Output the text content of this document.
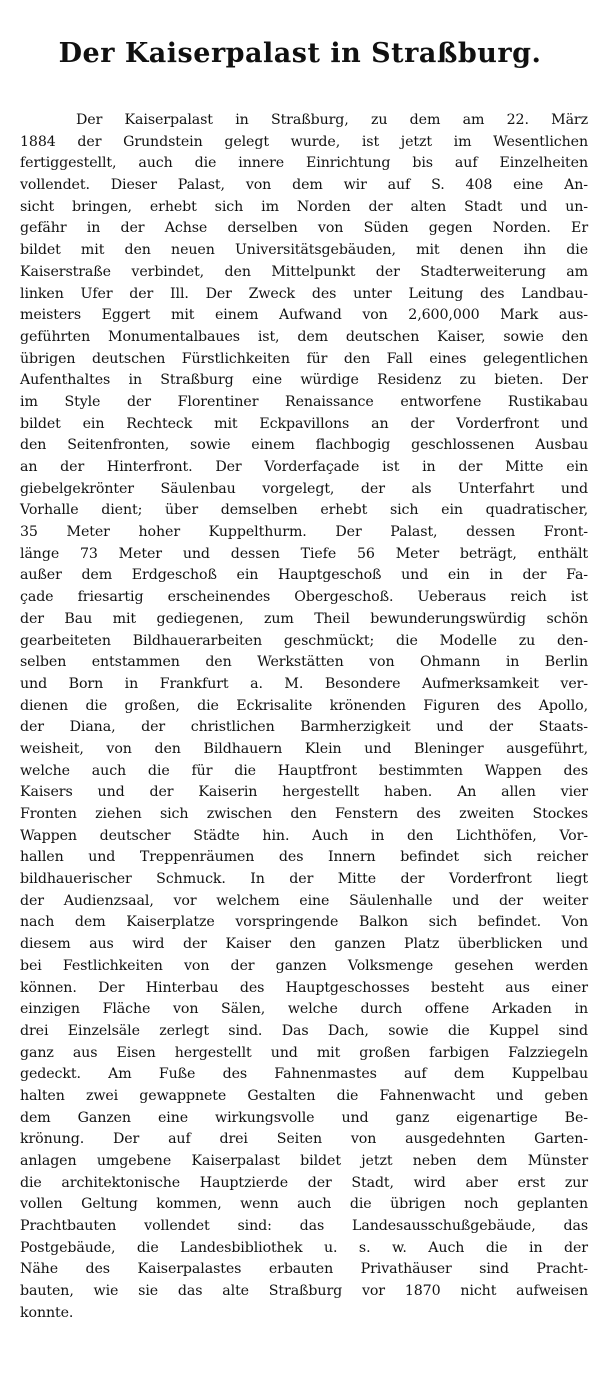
Der Kaiserpalast in Straßburg.
Der Kaiserpalast in Straßburg, zu dem am 22. März
1884 der Grundstein gelegt wurde, ist jetzt im Wesentlichen
fertiggestellt, auch die innere Einrichtung bis auf Einzelheiten
vollendet. Dieser Palast, von dem wir auf S. 408 eine An-
sicht bringen, erhebt sich im Norden der alten Stadt und un-
gefähr in der Achse derselben von Süden gegen Norden. Er
bildet mit den neuen Universitätsgebäuden, mit denen ihn die
Kaiserstraße verbindet, den Mittelpunkt der Stadterweiterung am
linken Ufer der Ill. Der Zweck des unter Leitung des Landbau-
meisters Eggert mit einem Aufwand von 2,600,000 Mark aus-
geführten Monumentalbaues ist, dem deutschen Kaiser, sowie den
übrigen deutschen Fürstlichkeiten für den Fall eines gelegentlichen
Aufenthaltes in Straßburg eine würdige Residenz zu bieten. Der
im Style der Florentiner Renaissance entworfene Rustikabau
bildet ein Rechteck mit Eckpavillons an der Vorderfront und
den Seitenfronten, sowie einem flachbogig geschlossenen Ausbau
an der Hinterfront. Der Vorderfaçade ist in der Mitte ein
giebelgekrönter Säulenbau vorgelegt, der als Unterfahrt und
Vorhalle dient; über demselben erhebt sich ein quadratischer,
35 Meter hoher Kuppelthurm. Der Palast, dessen Front-
länge 73 Meter und dessen Tiefe 56 Meter beträgt, enthält
außer dem Erdgeschoß ein Hauptgeschoß und ein in der Fa-
çade friesartig erscheinendes Obergeschoß. Ueberaus reich ist
der Bau mit gediegenen, zum Theil bewunderungswürdig schön
gearbeiteten Bildhauerarbeiten geschmückt; die Modelle zu den-
selben entstammen den Werkstätten von Ohmann in Berlin
und Born in Frankfurt a. M. Besondere Aufmerksamkeit ver-
dienen die großen, die Eckrisalite krönenden Figuren des Apollo,
der Diana, der christlichen Barmherzigkeit und der Staats-
weisheit, von den Bildhauern Klein und Bleninger ausgeführt,
welche auch die für die Hauptfront bestimmten Wappen des
Kaisers und der Kaiserin hergestellt haben. An allen vier
Fronten ziehen sich zwischen den Fenstern des zweiten Stockes
Wappen deutscher Städte hin. Auch in den Lichthöfen, Vor-
hallen und Treppenräumen des Innern befindet sich reicher
bildhauerischer Schmuck. In der Mitte der Vorderfront liegt
der Audienzsaal, vor welchem eine Säulenhalle und der weiter
nach dem Kaiserplatze vorspringende Balkon sich befindet. Von
diesem aus wird der Kaiser den ganzen Platz überblicken und
bei Festlichkeiten von der ganzen Volksmenge gesehen werden
können. Der Hinterbau des Hauptgeschosses besteht aus einer
einzigen Fläche von Sälen, welche durch offene Arkaden in
drei Einzelsäle zerlegt sind. Das Dach, sowie die Kuppel sind
ganz aus Eisen hergestellt und mit großen farbigen Falzziegeln
gedeckt. Am Fuße des Fahnenmastes auf dem Kuppelbau
halten zwei gewappnete Gestalten die Fahnenwacht und geben
dem Ganzen eine wirkungsvolle und ganz eigenartige Be-
krönung. Der auf drei Seiten von ausgedehnten Garten-
anlagen umgebene Kaiserpalast bildet jetzt neben dem Münster
die architektonische Hauptzierde der Stadt, wird aber erst zur
vollen Geltung kommen, wenn auch die übrigen noch geplanten
Prachtbauten vollendet sind: das Landesausschußgebäude, das
Postgebäude, die Landesbibliothek u. s. w. Auch die in der
Nähe des Kaiserpalastes erbauten Privathäuser sind Pracht-
bauten, wie sie das alte Straßburg vor 1870 nicht aufweisen
konnte.
